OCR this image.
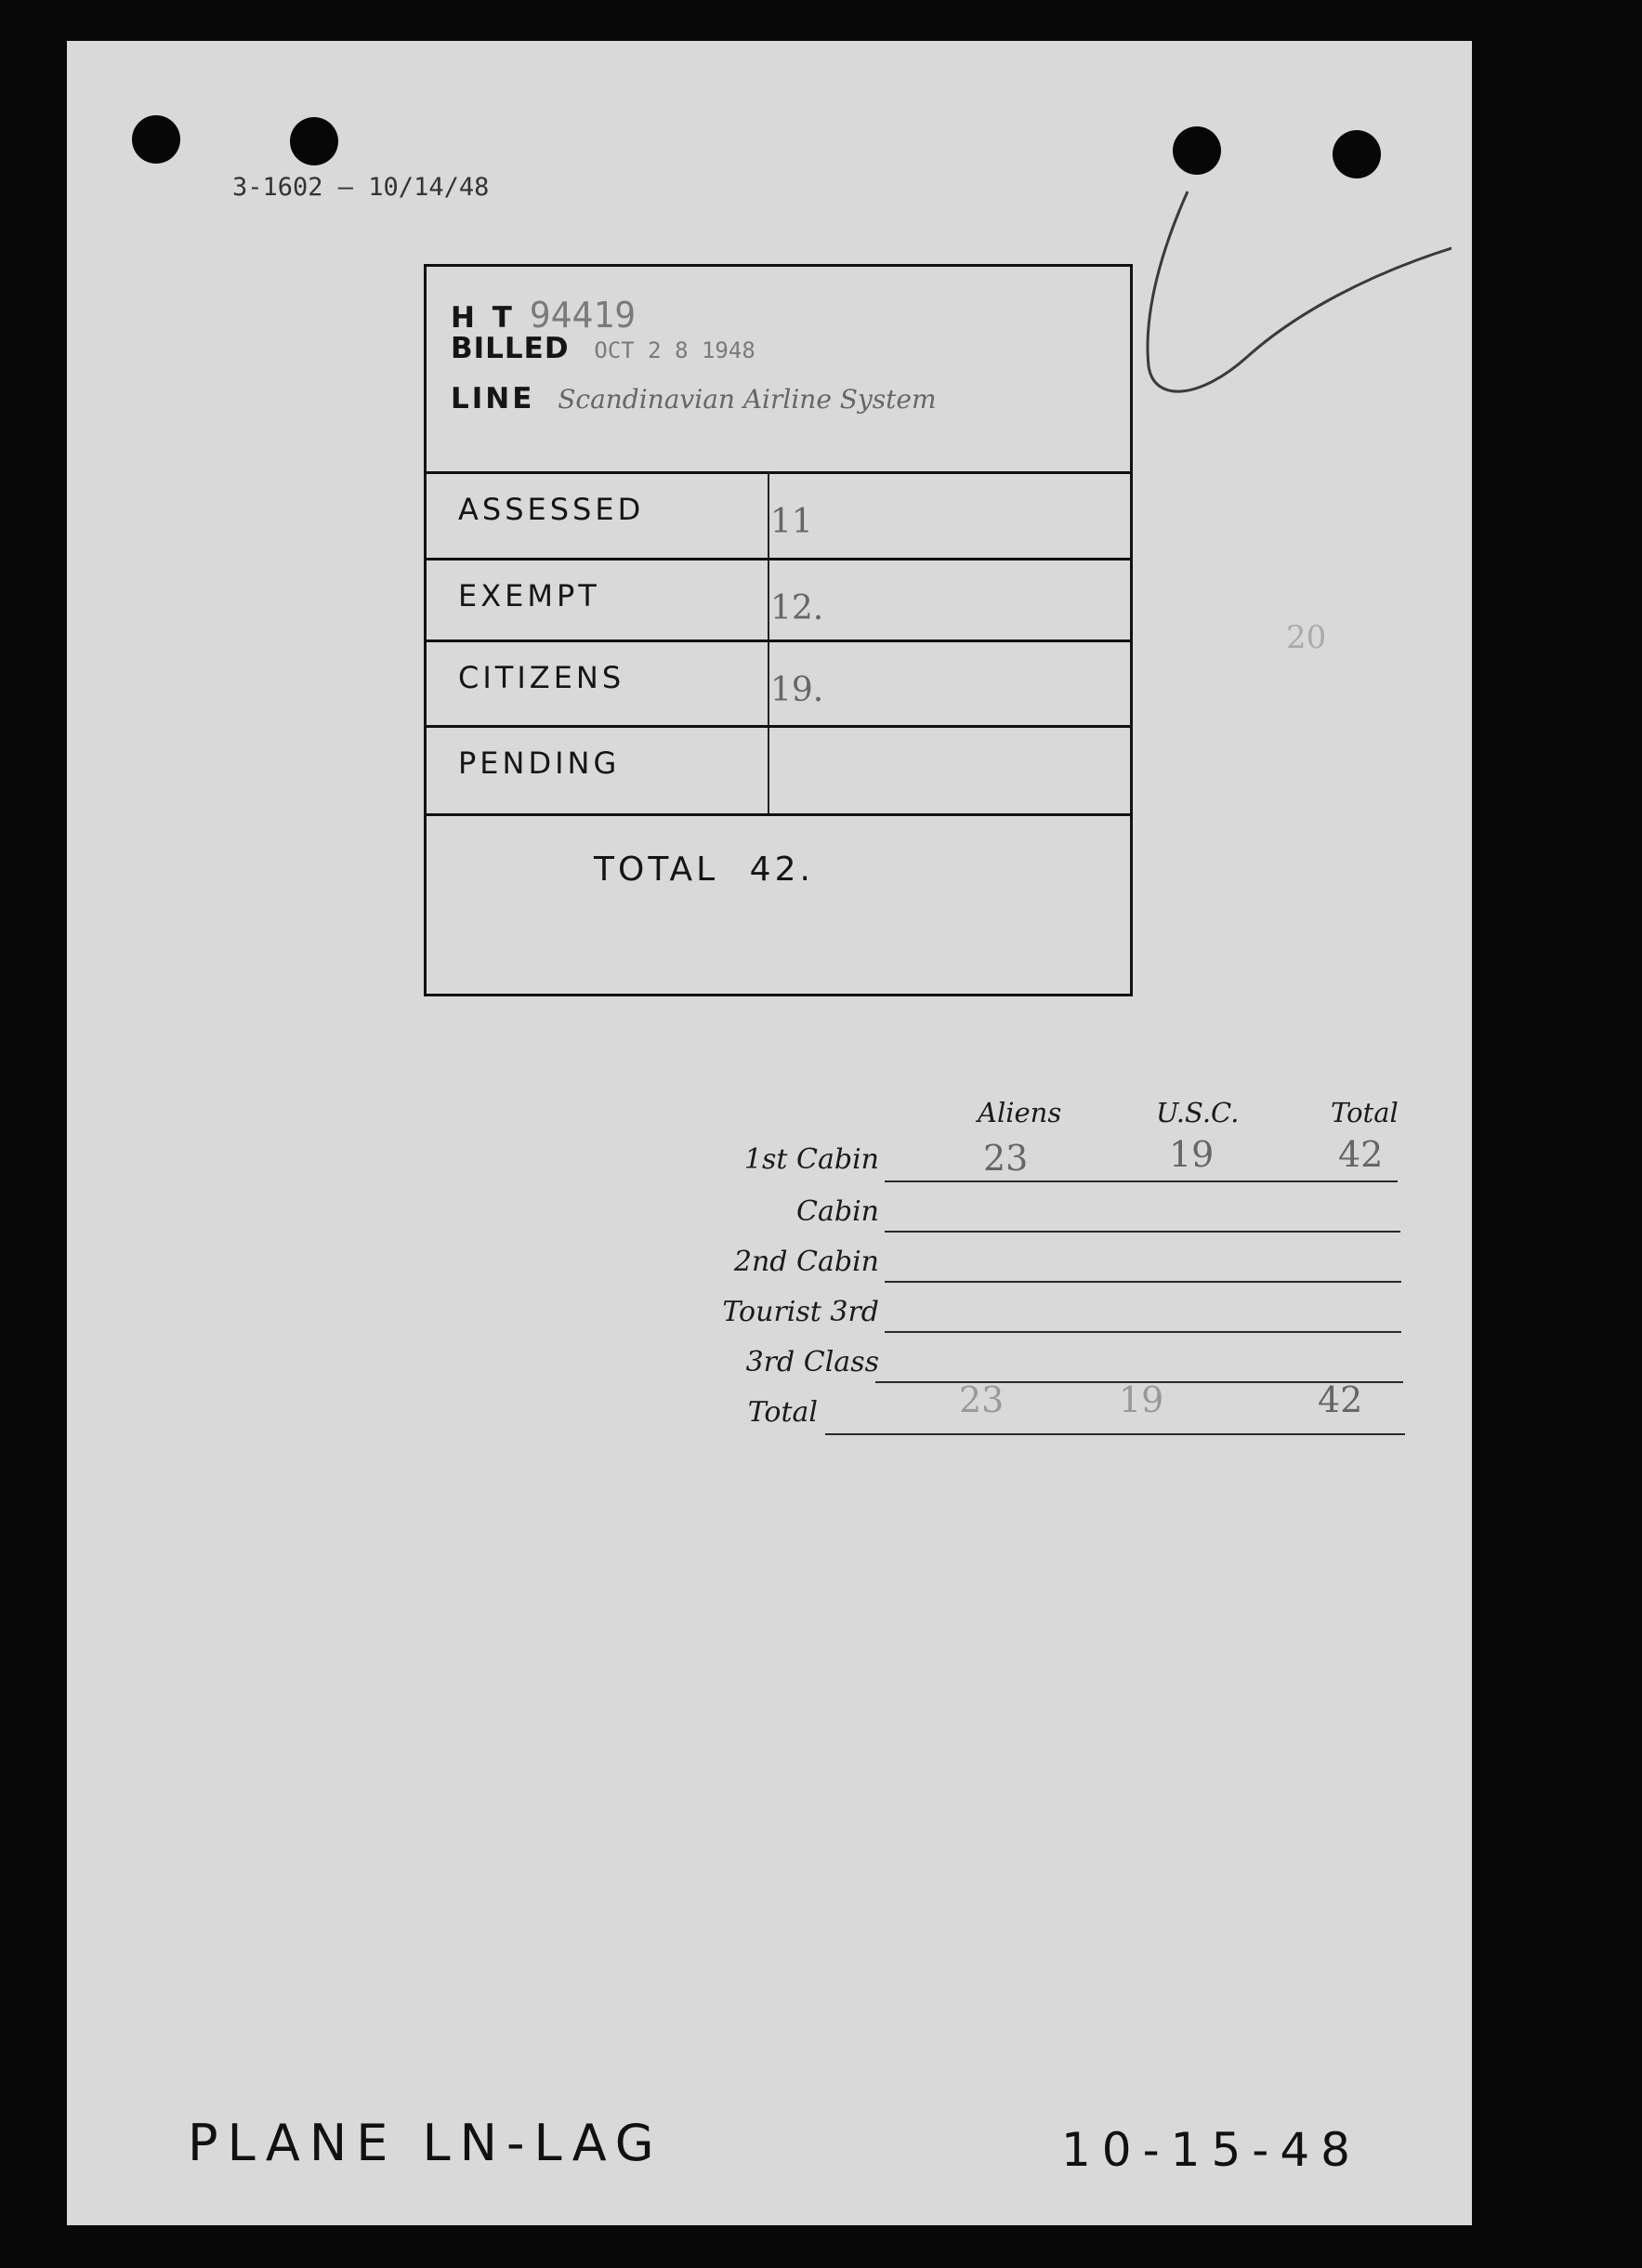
3-1602 — 10/14/48
H T 94419
BILLED OCT 2 8 1948
LINE Scandinavian Airline System
ASSESSED	11
EXEMPT	12.
CITIZENS	19.
PENDING
TOTAL 42.
20
Aliens	U.S.C.	Total
1st Cabin	23	19	42
Cabin
2nd Cabin
Tourist 3rd
3rd Class
Total	23	19	42
PLANE LN-LAG	10-15-48
